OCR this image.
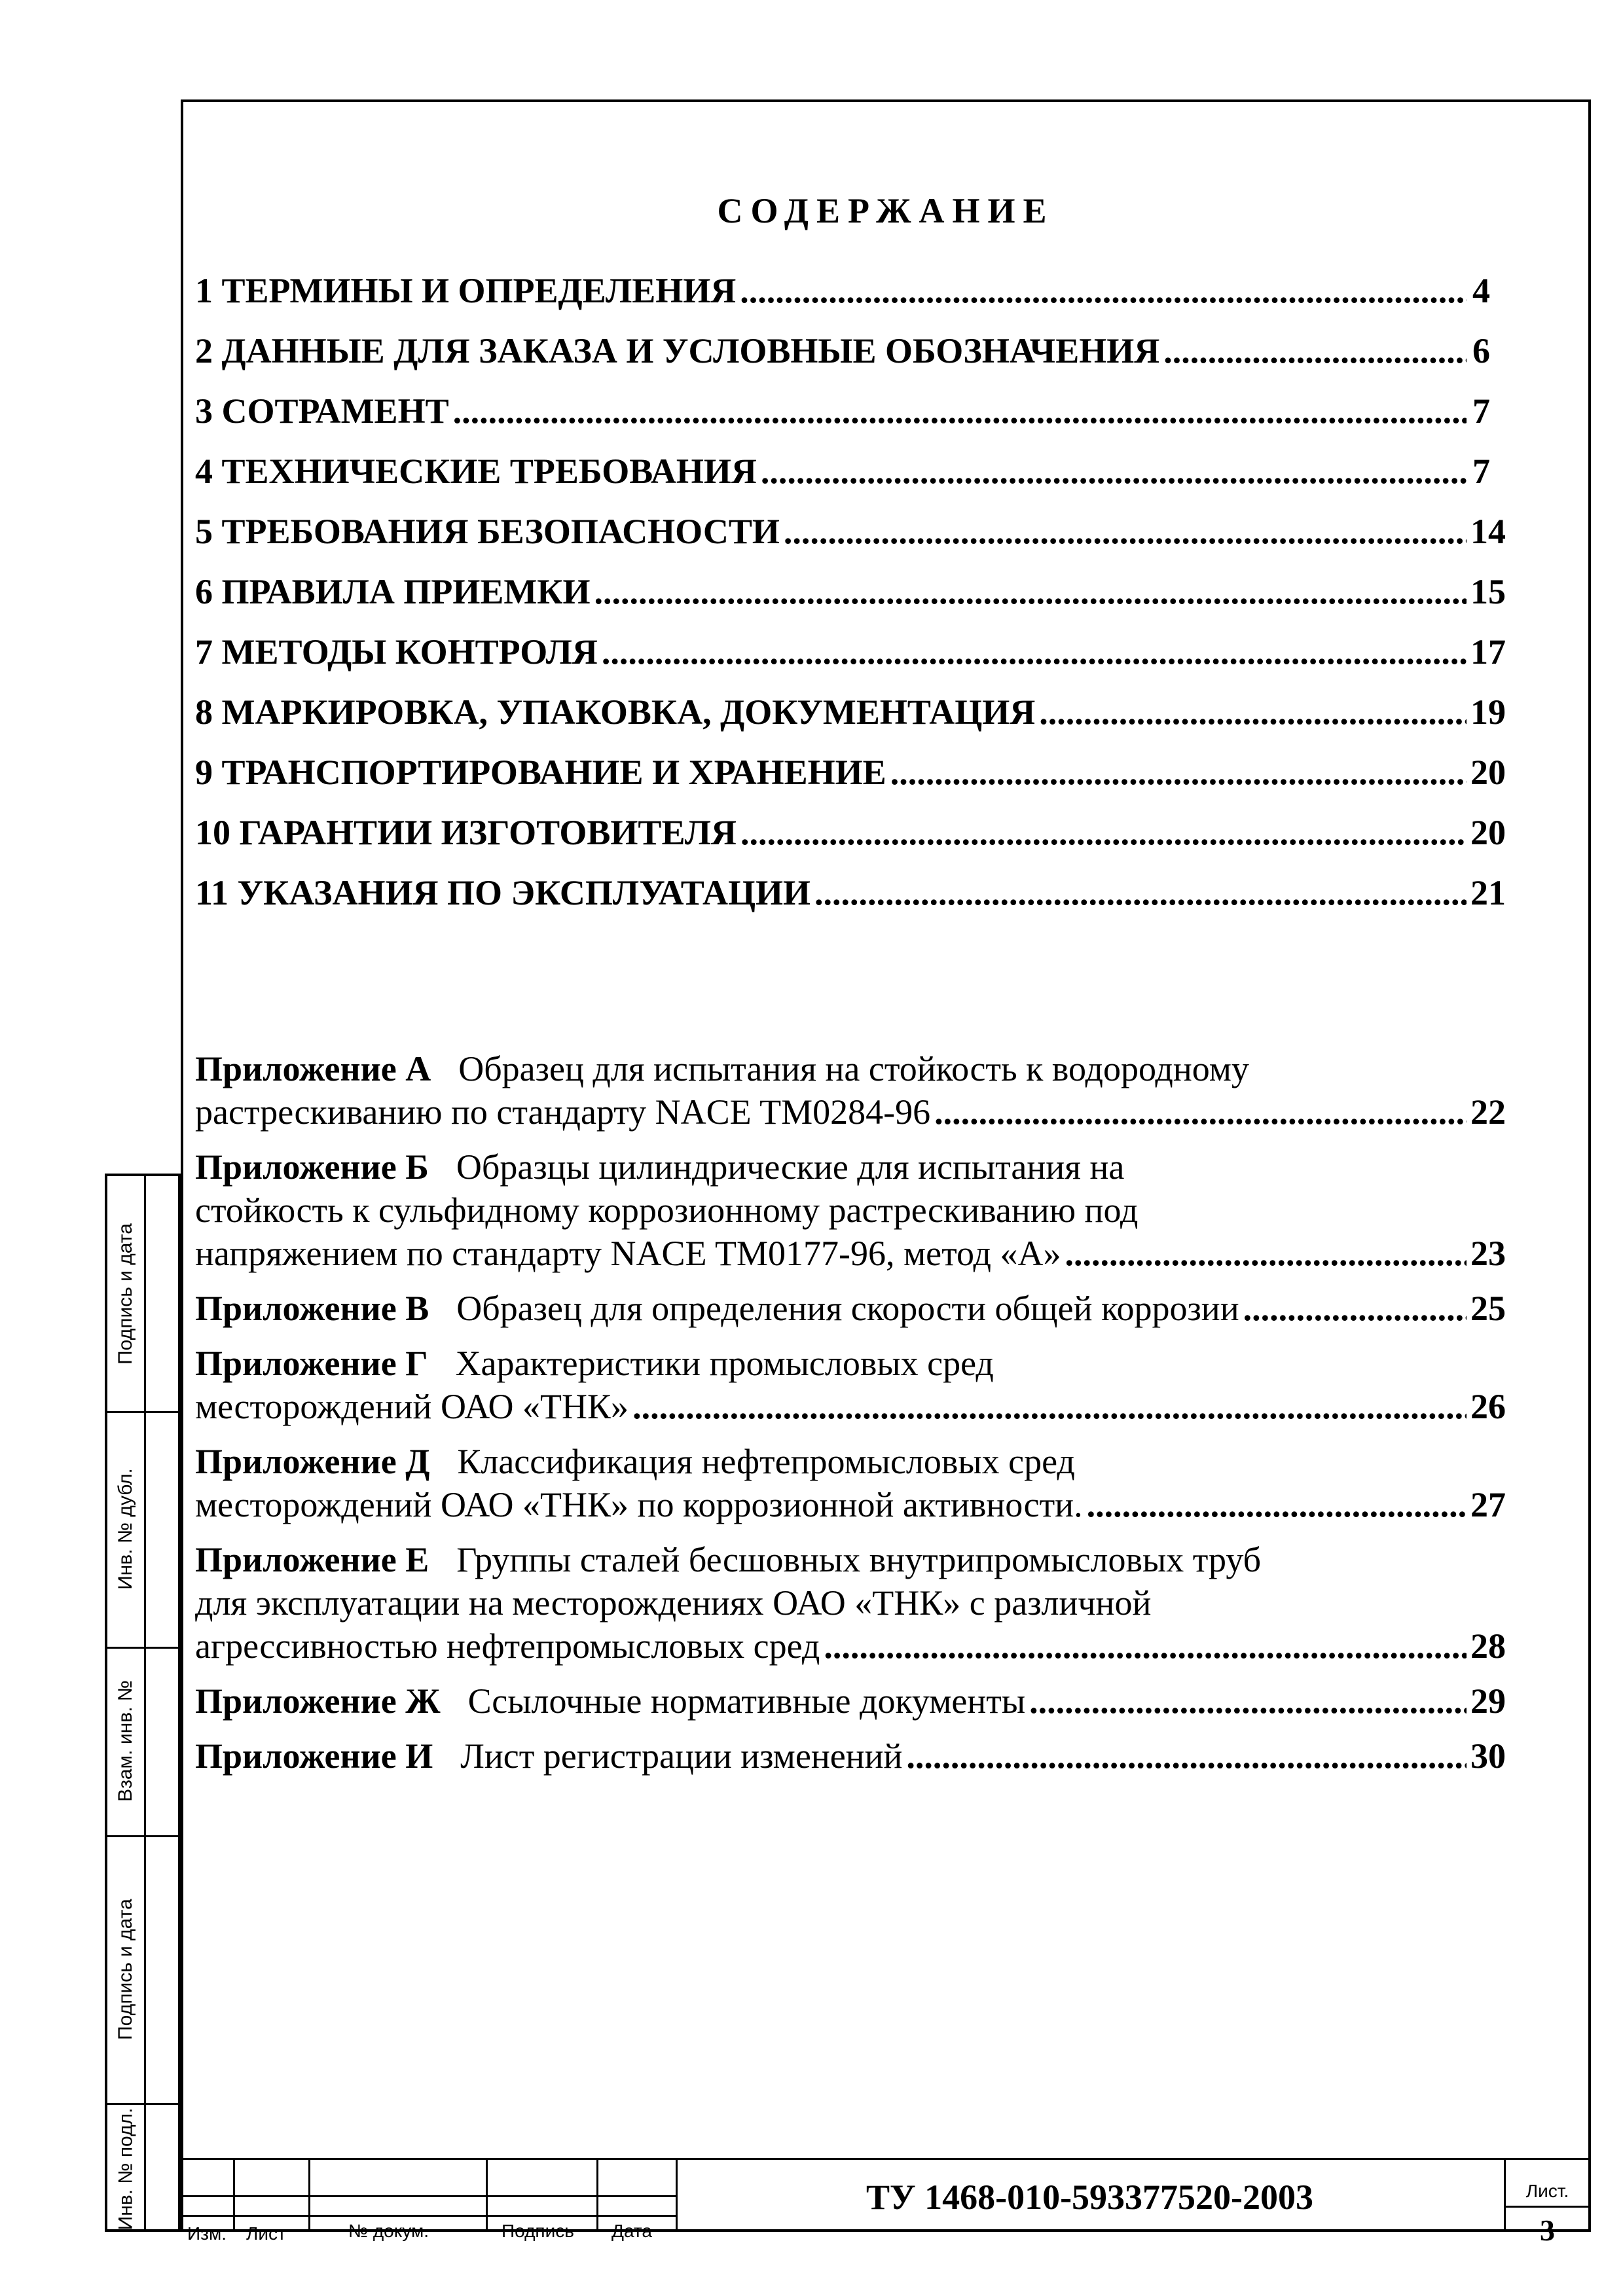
СОДЕРЖАНИЕ
1 ТЕРМИНЫ И ОПРЕДЕЛЕНИЯ .....	4
2 ДАННЫЕ ДЛЯ ЗАКАЗА И УСЛОВНЫЕ ОБОЗНАЧЕНИЯ .....	6
3 СОТРАМЕНТ .....	7
4 ТЕХНИЧЕСКИЕ ТРЕБОВАНИЯ .....	7
5 ТРЕБОВАНИЯ БЕЗОПАСНОСТИ .....	14
6 ПРАВИЛА ПРИЕМКИ .....	15
7 МЕТОДЫ КОНТРОЛЯ .....	17
8 МАРКИРОВКА, УПАКОВКА, ДОКУМЕНТАЦИЯ .....	19
9 ТРАНСПОРТИРОВАНИЕ И ХРАНЕНИЕ .....	20
10 ГАРАНТИИ ИЗГОТОВИТЕЛЯ .....	20
11 УКАЗАНИЯ ПО ЭКСПЛУАТАЦИИ .....	21
Приложение А Образец для испытания на стойкость к водородному
растрескиванию по стандарту NACE TM0284-96 .....	22
Приложение Б Образцы цилиндрические для испытания на
стойкость к сульфидному коррозионному растрескиванию под
напряжением по стандарту NACE TM0177-96, метод «А» .....	23
Приложение В Образец для определения скорости общей коррозии .....	25
Приложение Г Характеристики промысловых сред
месторождений ОАО «ТНК» .....	26
Приложение Д Классификация нефтепромысловых сред
месторождений ОАО «ТНК» по коррозионной активности. .....	27
Приложение Е Группы сталей бесшовных внутрипромысловых труб
для эксплуатации на месторождениях ОАО «ТНК» с различной
агрессивностью нефтепромысловых сред .....	28
Приложение Ж Ссылочные нормативные документы .....	29
Приложение И Лист регистрации изменений .....	30
Подпись и дата
Инв. № дубл.
Взам. инв. №
Подпись и дата
Инв. № подл.
Изм. Лист	№ докум.	Подпись Дата
ТУ 1468-010-593377520-2003	Лист.
3
